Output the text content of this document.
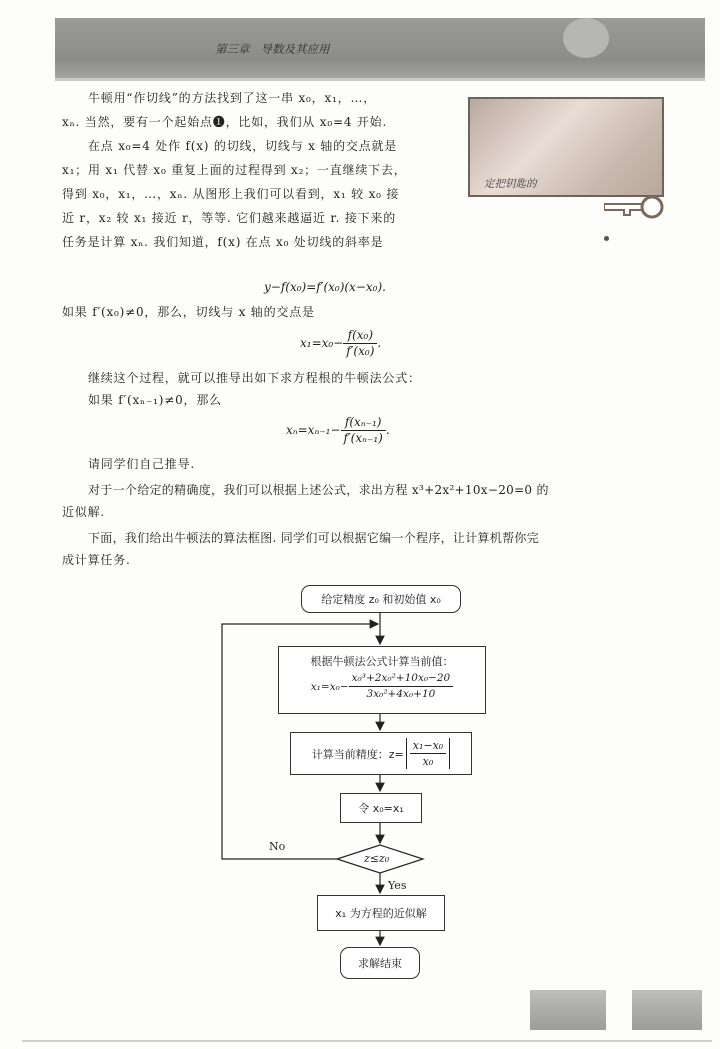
第三章 导数及其应用
定把钥匙的
牛顿用“作切线”的方法找到了这一串 x₀，x₁，…，
xₙ. 当然，要有一个起始点❶，比如，我们从 x₀=4 开始.
在点 x₀=4 处作 f(x) 的切线，切线与 x 轴的交点就是
x₁；用 x₁ 代替 x₀ 重复上面的过程得到 x₂；一直继续下去，
得到 x₀，x₁，…，xₙ. 从图形上我们可以看到，x₁ 较 x₀ 接
近 r，x₂ 较 x₁ 接近 r，等等. 它们越来越逼近 r. 接下来的
任务是计算 xₙ. 我们知道，f(x) 在点 x₀ 处切线的斜率是
y−f(x₀)=f′(x₀)(x−x₀).
如果 f′(x₀)≠0，那么，切线与 x 轴的交点是
$x_1=x_0- \frac{\text{f(x₀)}}{\text{f′(x₀)}}$ .
继续这个过程，就可以推导出如下求方程根的牛顿法公式：
如果 f′(xₙ₋₁)≠0，那么
$x_n=x_{n-1}- \frac{\text{f(xₙ₋₁)}}{\text{f′(xₙ₋₁)}}$ .
请同学们自己推导.
对于一个给定的精确度，我们可以根据上述公式，求出方程 x³+2x²+10x−20=0 的
近似解.
下面，我们给出牛顿法的算法框图. 同学们可以根据它编一个程序，让计算机帮你完
成计算任务.
给定精度 z₀ 和初始值 x₀
根据牛顿法公式计算当前值：
$x_1=x_0- \frac{\text{x₀³+2x₀²+10x₀−20}}{\text{3x₀²+4x₀+10}}$
计算当前精度：$z= \frac{\text{x₁−x₀}}{\text{x₀}}$
令 x₀=x₁
z≤z₀
No
Yes
x₁ 为方程的近似解
求解结束
